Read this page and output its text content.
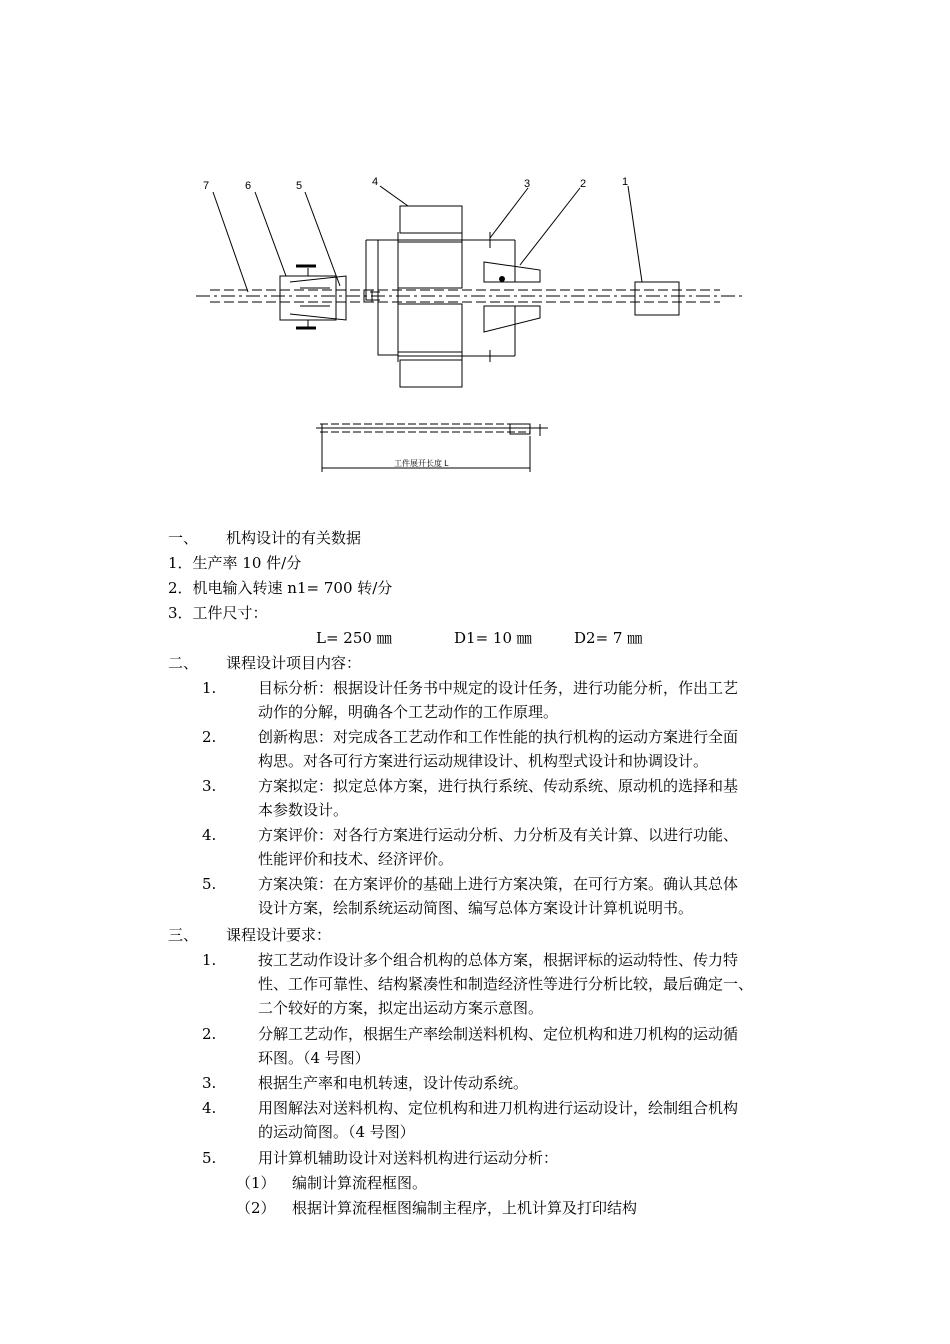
7	6	5	4	3	2	1
工件展开长度 L
一、 机构设计的有关数据
1．生产率 10 件/分
2．机电输入转速 n1= 700 转/分
3．工件尺寸：
L= 250 ㎜	D1= 10 ㎜	D2= 7 ㎜
二、 课程设计项目内容：
1.	目标分析：根据设计任务书中规定的设计任务，进行功能分析，作出工艺
动作的分解，明确各个工艺动作的工作原理。
2.	创新构思：对完成各工艺动作和工作性能的执行机构的运动方案进行全面
构思。对各可行方案进行运动规律设计、机构型式设计和协调设计。
3.	方案拟定：拟定总体方案，进行执行系统、传动系统、原动机的选择和基
本参数设计。
4.	方案评价：对各行方案进行运动分析、力分析及有关计算、以进行功能、
性能评价和技术、经济评价。
5.	方案决策：在方案评价的基础上进行方案决策，在可行方案。确认其总体
设计方案，绘制系统运动简图、编写总体方案设计计算机说明书。
三、 课程设计要求：
1.	按工艺动作设计多个组合机构的总体方案，根据评标的运动特性、传力特
性、工作可靠性、结构紧凑性和制造经济性等进行分析比较，最后确定一、
二个较好的方案，拟定出运动方案示意图。
2.	分解工艺动作，根据生产率绘制送料机构、定位机构和进刀机构的运动循
环图。（4 号图）
3.	根据生产率和电机转速，设计传动系统。
4.	用图解法对送料机构、定位机构和进刀机构进行运动设计，绘制组合机构
的运动简图。（4 号图）
5.	用计算机辅助设计对送料机构进行运动分析：
（1） 编制计算流程框图。
（2） 根据计算流程框图编制主程序，上机计算及打印结构
